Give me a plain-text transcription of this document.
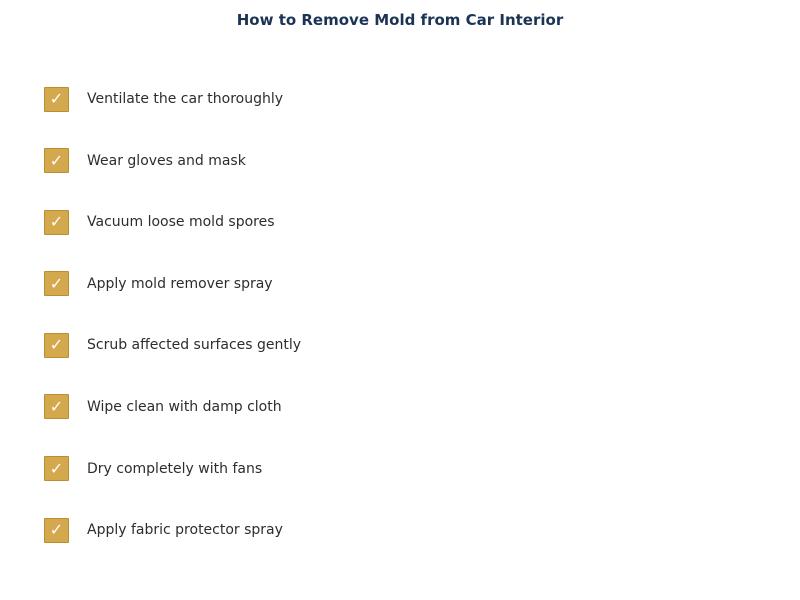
How to Remove Mold from Car Interior
✓	Ventilate the car thoroughly
✓	Wear gloves and mask
✓	Vacuum loose mold spores
✓	Apply mold remover spray
✓	Scrub affected surfaces gently
✓	Wipe clean with damp cloth
✓	Dry completely with fans
✓	Apply fabric protector spray
